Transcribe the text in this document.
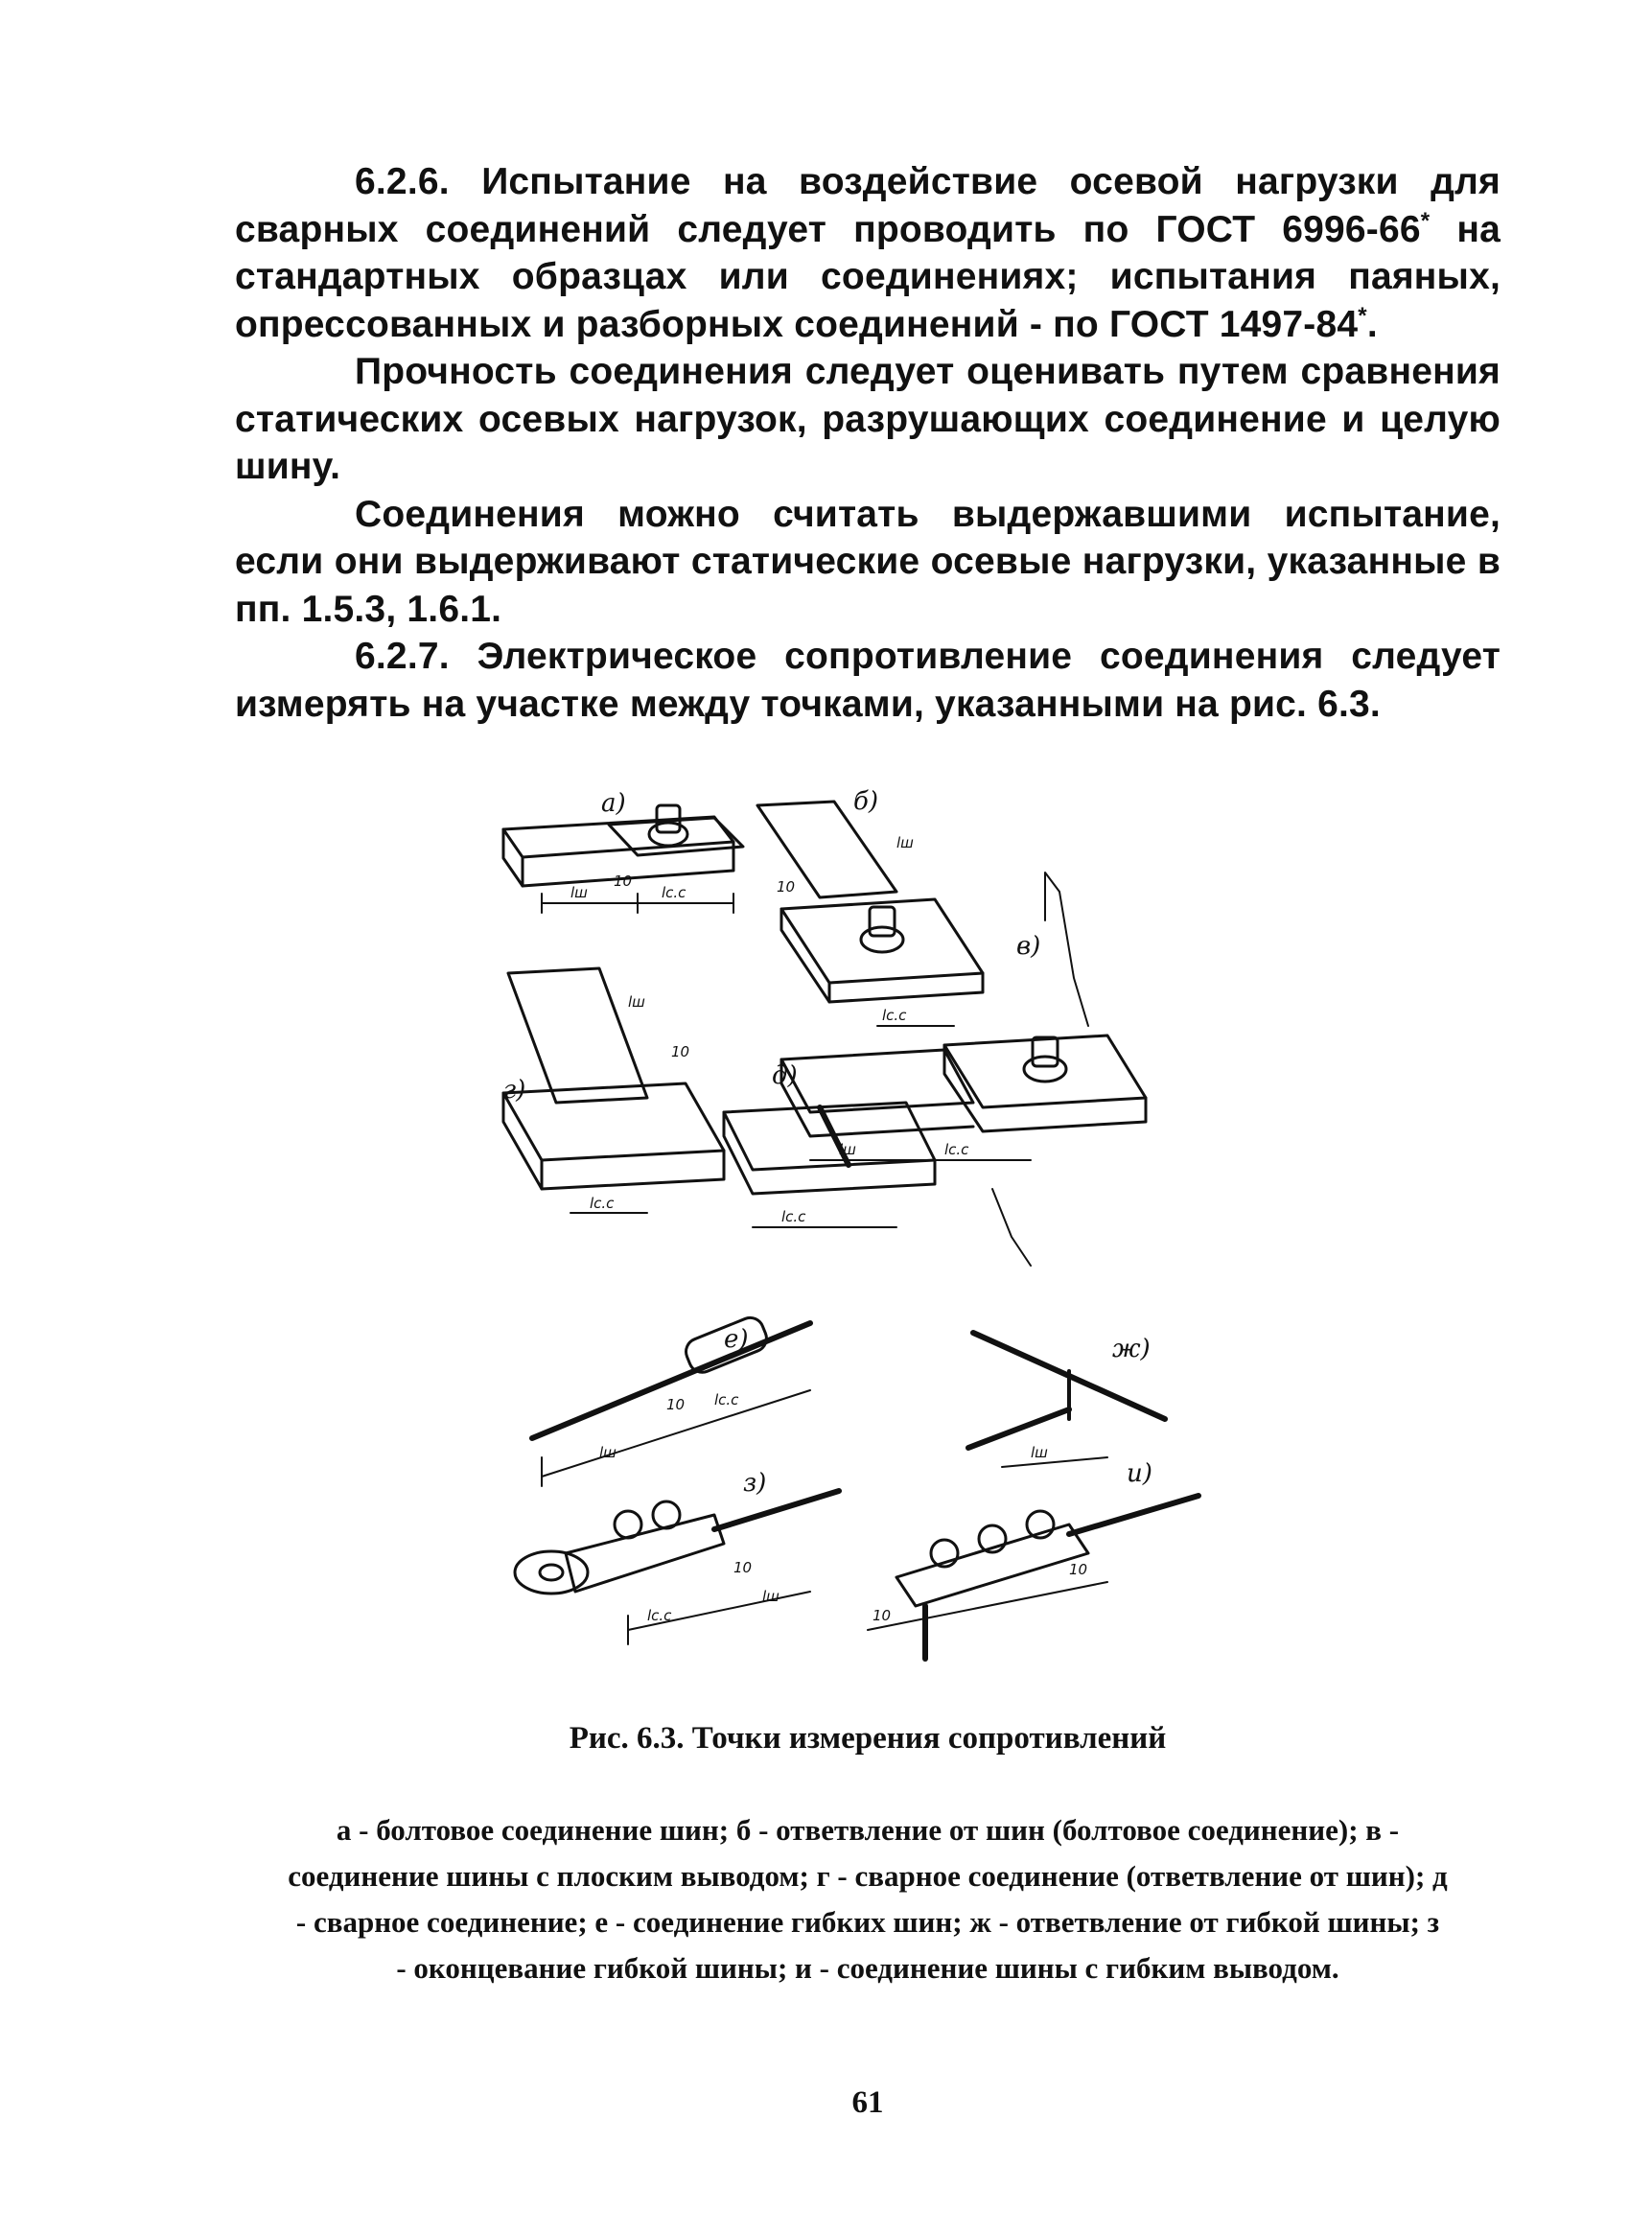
6.2.6. Испытание на воздействие осевой нагрузки для сварных соединений следует проводить по ГОСТ 6996-66* на стандартных образцах или соединениях; испытания паяных, опрессованных и разборных соединений - по ГОСТ 1497-84*.

Прочность соединения следует оценивать путем сравнения статических осевых нагрузок, разрушающих соединение и целую шину.

Соединения можно считать выдержавшими испытание, если они выдерживают статические осевые нагрузки, указанные в пп. 1.5.3, 1.6.1.

6.2.7. Электрическое сопротивление соединения следует измерять на участке между точками, указанными на рис. 6.3.

а)
lш
10
lс.с
б)
lш
10
lс.с
в)
lш	lс.с
г)
lш
10
lс.с
д)
lс.с
е)
lш
10 lс.с
ж)
lш
з)
lс.с
10
lш
и)
10
10
Рис. 6.3. Точки измерения сопротивлений
а - болтовое соединение шин; б - ответвление от шин (болтовое соединение); в - соединение шины с плоским выводом; г - сварное соединение (ответвление от шин); д - сварное соединение; е - соединение гибких шин; ж - ответвление от гибкой шины; з - оконцевание гибкой шины; и - соединение шины с гибким выводом.
61
